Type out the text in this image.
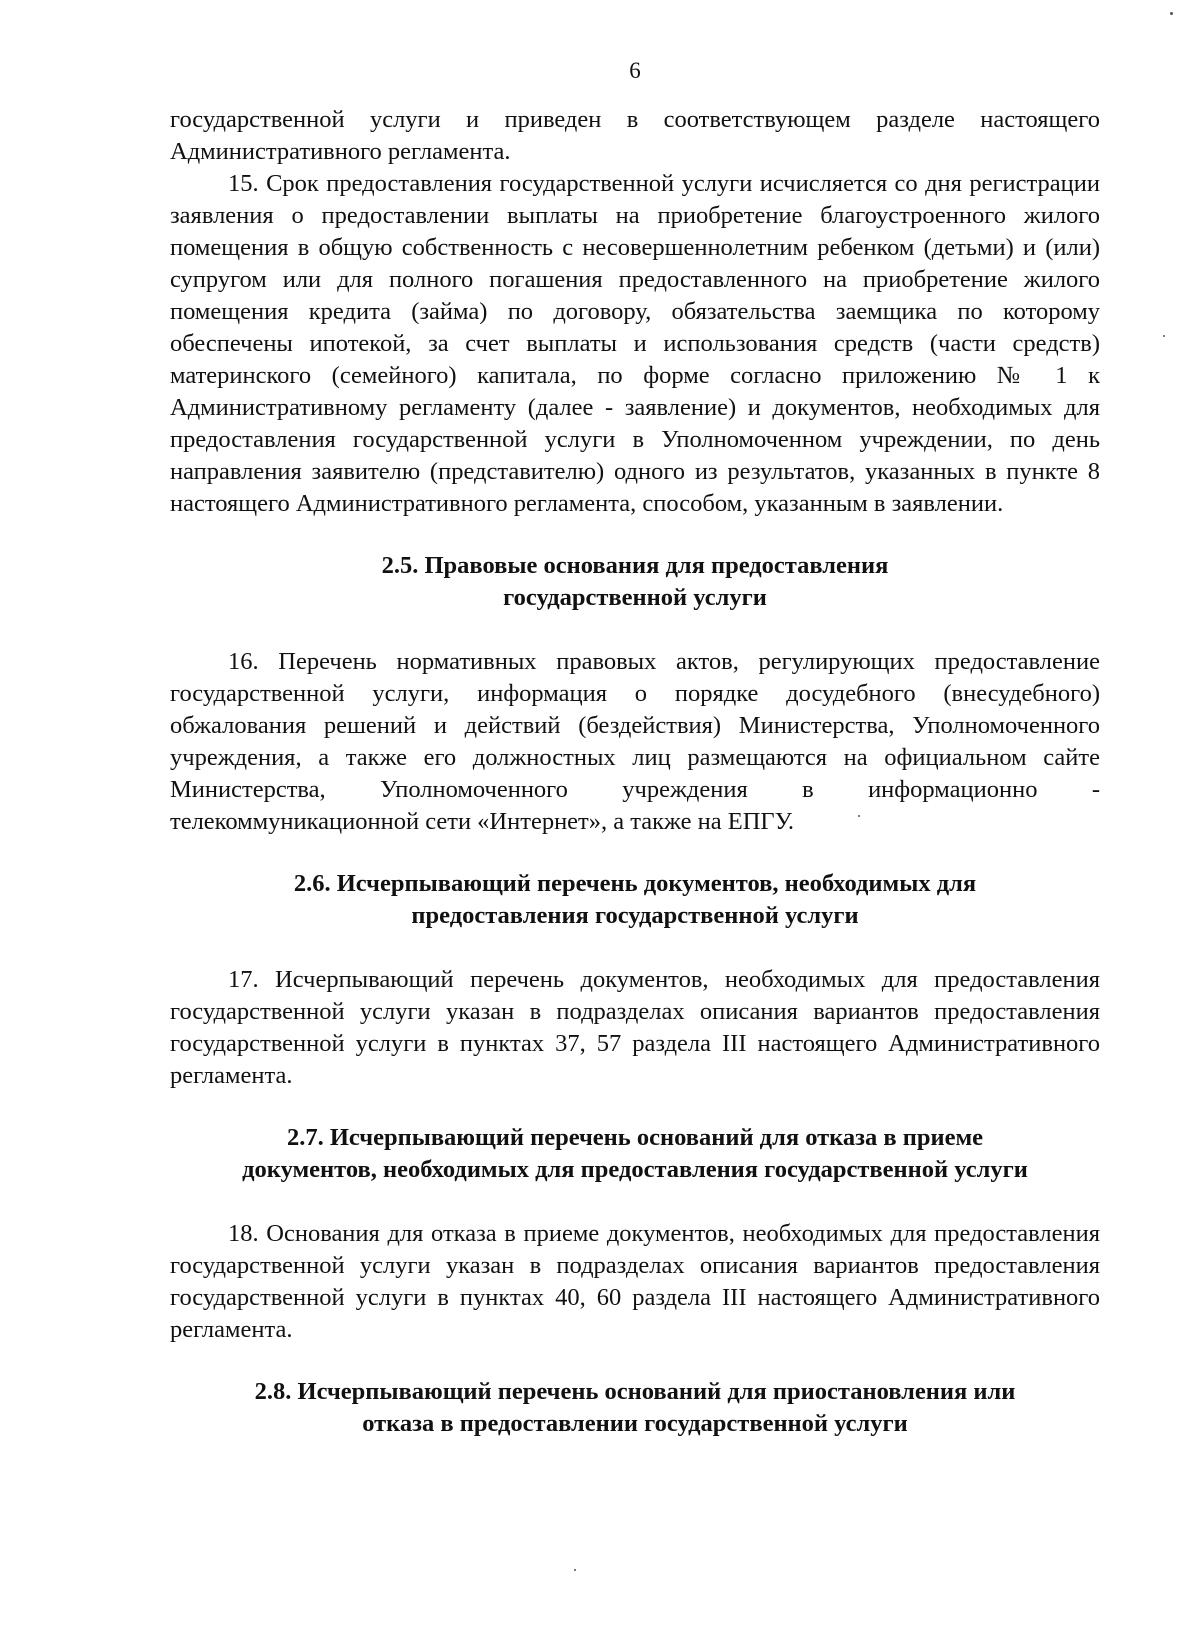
6

государственной услуги и приведен в соответствующем разделе настоящего Административного регламента.

15. Срок предоставления государственной услуги исчисляется со дня регистрации заявления о предоставлении выплаты на приобретение благоустроенного жилого помещения в общую собственность с несовершеннолетним ребенком (детьми) и (или) супругом или для полного погашения предоставленного на приобретение жилого помещения кредита (займа) по договору, обязательства заемщика по которому обеспечены ипотекой, за счет выплаты и использования средств (части средств) материнского (семейного) капитала, по форме согласно приложению № 1 к Административному регламенту (далее - заявление) и документов, необходимых для предоставления государственной услуги в Уполномоченном учреждении, по день направления заявителю (представителю) одного из результатов, указанных в пункте 8 настоящего Административного регламента, способом, указанным в заявлении.

2.5. Правовые основания для предоставления
государственной услуги

16. Перечень нормативных правовых актов, регулирующих предоставление государственной услуги, информация о порядке досудебного (внесудебного) обжалования решений и действий (бездействия) Министерства, Уполномоченного учреждения, а также его должностных лиц размещаются на официальном сайте Министерства, Уполномоченного учреждения в информационно - телекоммуникационной сети «Интернет», а также на ЕПГУ.

2.6. Исчерпывающий перечень документов, необходимых для
предоставления государственной услуги

17. Исчерпывающий перечень документов, необходимых для предоставления государственной услуги указан в подразделах описания вариантов предоставления государственной услуги в пунктах 37, 57 раздела III настоящего Административного регламента.

2.7. Исчерпывающий перечень оснований для отказа в приеме
документов, необходимых для предоставления государственной услуги

18. Основания для отказа в приеме документов, необходимых для предоставления государственной услуги указан в подразделах описания вариантов предоставления государственной услуги в пунктах 40, 60 раздела III настоящего Административного регламента.

2.8. Исчерпывающий перечень оснований для приостановления или
отказа в предоставлении государственной услуги
